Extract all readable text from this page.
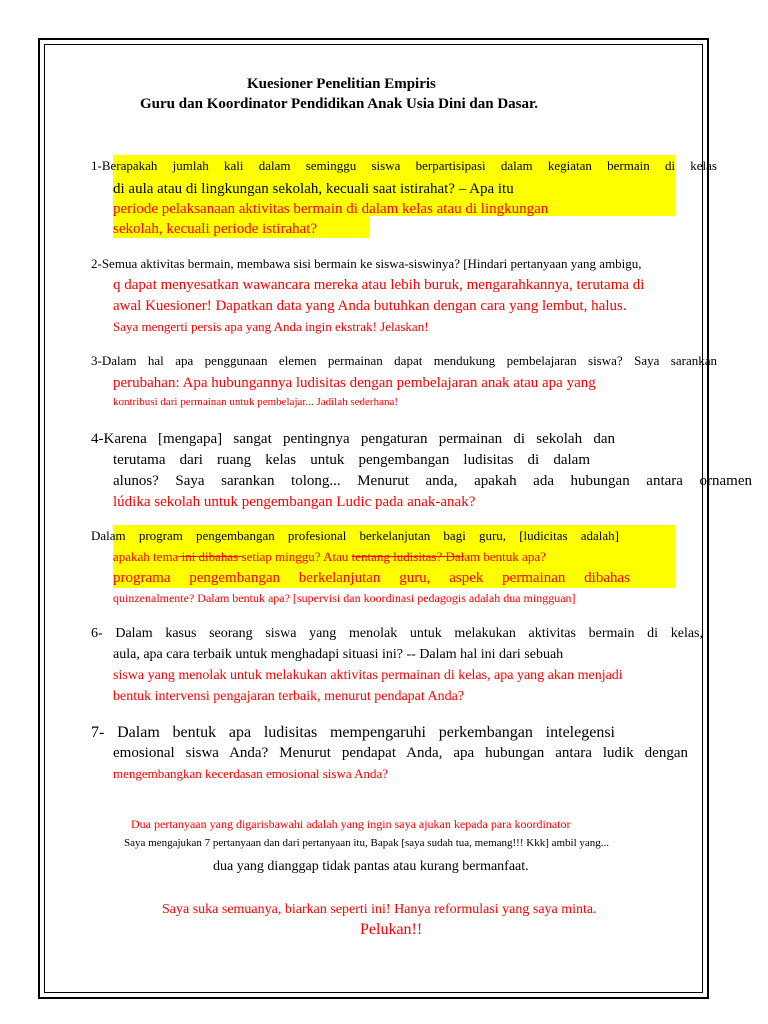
Kuesioner Penelitian Empiris
Guru dan Koordinator Pendidikan Anak Usia Dini dan Dasar.
1-Berapakah jumlah kali dalam seminggu siswa berpartisipasi dalam kegiatan bermain di kelas
di aula atau di lingkungan sekolah, kecuali saat istirahat? – Apa itu
periode pelaksanaan aktivitas bermain di dalam kelas atau di lingkungan
sekolah, kecuali periode istirahat?
2-Semua aktivitas bermain, membawa sisi bermain ke siswa-siswinya? [Hindari pertanyaan yang ambigu,
q dapat menyesatkan wawancara mereka atau lebih buruk, mengarahkannya, terutama di
awal Kuesioner! Dapatkan data yang Anda butuhkan dengan cara yang lembut, halus.
Saya mengerti persis apa yang Anda ingin ekstrak! Jelaskan!
3-Dalam hal apa penggunaan elemen permainan dapat mendukung pembelajaran siswa? Saya sarankan
perubahan: Apa hubungannya ludisitas dengan pembelajaran anak atau apa yang
kontribusi dari permainan untuk pembelajar... Jadilah sederhana!
4-Karena [mengapa] sangat pentingnya pengaturan permainan di sekolah dan
terutama dari ruang kelas untuk pengembangan ludisitas di dalam
alunos? Saya sarankan tolong... Menurut anda, apakah ada hubungan antara ornamen
lúdika sekolah untuk pengembangan Ludic pada anak-anak?
Dalam program pengembangan profesional berkelanjutan bagi guru, [ludicitas adalah]
apakah tema ini dibahas setiap minggu? Atau tentang ludisitas? Dalam bentuk apa?
programa pengembangan berkelanjutan guru, aspek permainan dibahas
quinzenalmente? Dalam bentuk apa? [supervisi dan koordinasi pedagogis adalah dua mingguan]
6- Dalam kasus seorang siswa yang menolak untuk melakukan aktivitas bermain di kelas,
aula, apa cara terbaik untuk menghadapi situasi ini? -- Dalam hal ini dari sebuah
siswa yang menolak untuk melakukan aktivitas permainan di kelas, apa yang akan menjadi
bentuk intervensi pengajaran terbaik, menurut pendapat Anda?
7- Dalam bentuk apa ludisitas mempengaruhi perkembangan intelegensi
emosional siswa Anda? Menurut pendapat Anda, apa hubungan antara ludik dengan
mengembangkan kecerdasan emosional siswa Anda?
Dua pertanyaan yang digarisbawahi adalah yang ingin saya ajukan kepada para koordinator
Saya mengajukan 7 pertanyaan dan dari pertanyaan itu, Bapak [saya sudah tua, memang!!! Kkk] ambil yang...
dua yang dianggap tidak pantas atau kurang bermanfaat.
Saya suka semuanya, biarkan seperti ini! Hanya reformulasi yang saya minta.
Pelukan!!
